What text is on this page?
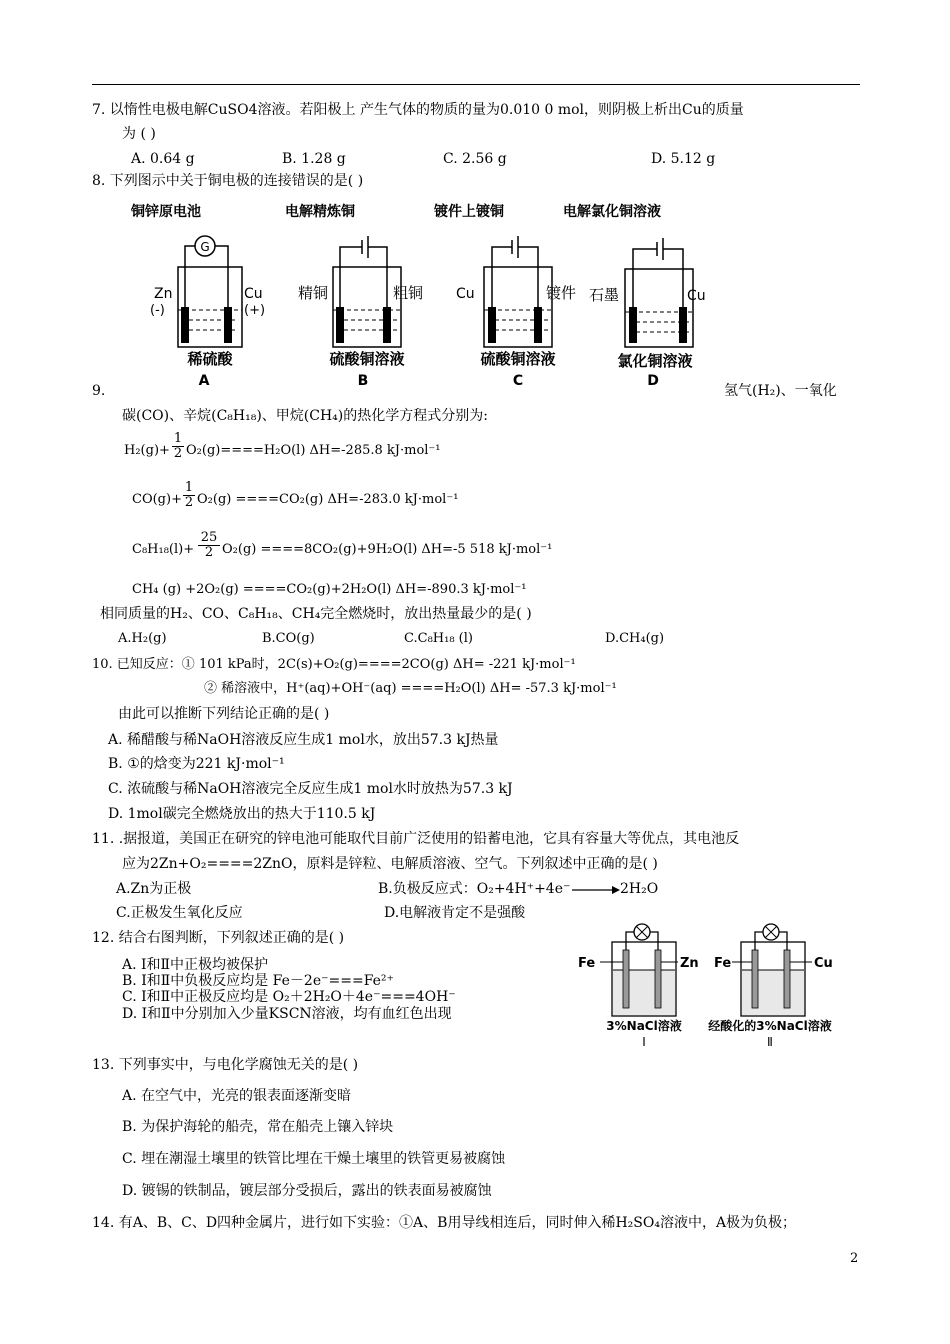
7. 以惰性电极电解CuSO4溶液。若阳极上 产生气体的物质的量为0.010 0 mol，则阴极上析出Cu的质量
为 ( )
A. 0.64 g	B. 1.28 g	C. 2.56 g	D. 5.12 g
8. 下列图示中关于铜电极的连接错误的是( )
铜锌原电池	电解精炼铜	镀件上镀铜	电解氯化铜溶液
G
Zn
(-)
Cu
(+)
稀硫酸
A
精铜	粗铜
硫酸铜溶液
B
Cu	镀件
硫酸铜溶液
C
石墨	Cu
氯化铜溶液
D
9.	氢气(H₂)、一氧化
碳(CO)、辛烷(C₈H₁₈)、甲烷(CH₄)的热化学方程式分别为:
$H_2(g)+ \frac{1}{2} O_2(g)====H_2O(l)$ ΔH=-285.8 kJ·mol⁻¹
$CO(g)+ \frac{1}{2} O_2(g) ====CO_2(g)$ ΔH=-283.0 kJ·mol⁻¹
$C_8H_{18}(l)+ \frac{25}{2} O_2(g) ====8CO_2(g)+9H_2O(l)$ ΔH=-5 518 kJ·mol⁻¹
CH₄ (g) +2O₂(g) ====CO₂(g)+2H₂O(l) ΔH=-890.3 kJ·mol⁻¹
相同质量的H₂、CO、C₈H₁₈、CH₄完全燃烧时，放出热量最少的是( )
A.H₂(g)	B.CO(g)	C.C₈H₁₈ (l)	D.CH₄(g)
10. 已知反应：① 101 kPa时，2C(s)+O₂(g)====2CO(g) ΔH= -221 kJ·mol⁻¹
② 稀溶液中，H⁺(aq)+OH⁻(aq) ====H₂O(l) ΔH= -57.3 kJ·mol⁻¹
由此可以推断下列结论正确的是( )
A. 稀醋酸与稀NaOH溶液反应生成1 mol水，放出57.3 kJ热量
B. ①的焓变为221 kJ·mol⁻¹
C. 浓硫酸与稀NaOH溶液完全反应生成1 mol水时放热为57.3 kJ
D. 1mol碳完全燃烧放出的热大于110.5 kJ
11. .据报道，美国正在研究的锌电池可能取代目前广泛使用的铅蓄电池，它具有容量大等优点，其电池反
应为2Zn+O₂====2ZnO，原料是锌粒、电解质溶液、空气。下列叙述中正确的是( )
A.Zn为正极	B.负极反应式：O₂+4H⁺+4e⁻	2H₂O
C.正极发生氧化反应	D.电解液肯定不是强酸
12. 结合右图判断，下列叙述正确的是( )
A. Ⅰ和Ⅱ中正极均被保护
B. Ⅰ和Ⅱ中负极反应均是 Fe－2e⁻===Fe²⁺
C. Ⅰ和Ⅱ中正极反应均是 O₂＋2H₂O＋4e⁻===4OH⁻
D. Ⅰ和Ⅱ中分别加入少量KSCN溶液，均有血红色出现
Fe	Zn
3%NaCl溶液
Ⅰ
Fe	Cu
经酸化的3%NaCl溶液
Ⅱ
13. 下列事实中，与电化学腐蚀无关的是( )
A. 在空气中，光亮的银表面逐渐变暗
B. 为保护海轮的船壳，常在船壳上镶入锌块
C. 埋在潮湿土壤里的铁管比埋在干燥土壤里的铁管更易被腐蚀
D. 镀锡的铁制品，镀层部分受损后，露出的铁表面易被腐蚀
14. 有A、B、C、D四种金属片，进行如下实验：①A、B用导线相连后，同时伸入稀H₂SO₄溶液中，A极为负极；
2
